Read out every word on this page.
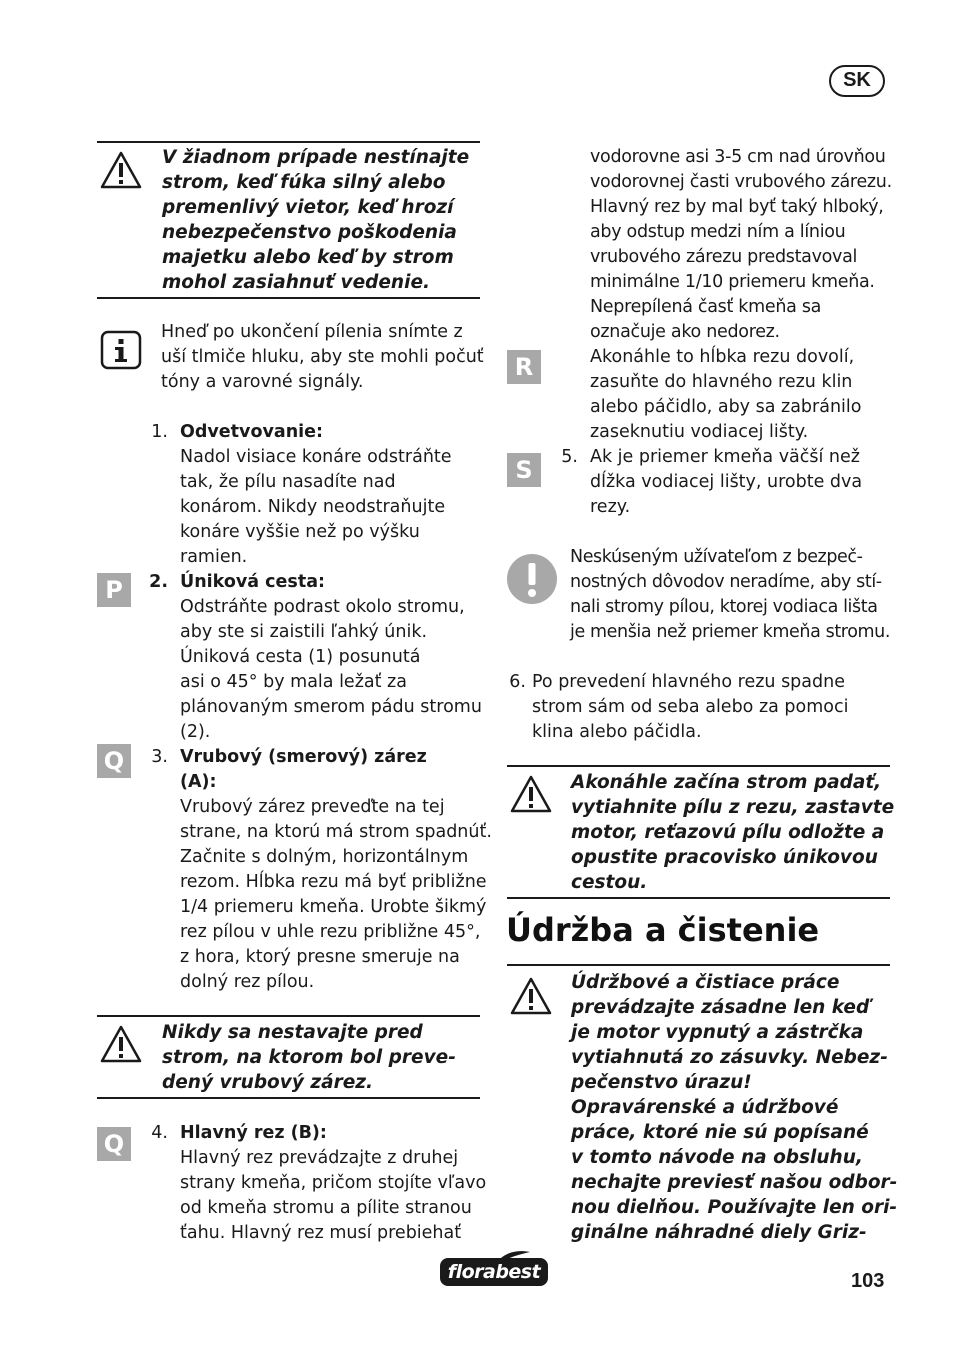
SK
V žiadnom prípade nestínajte
strom, keď fúka silný alebo
premenlivý vietor, keď hrozí
nebezpečenstvo poškodenia
majetku alebo keď by strom
mohol zasiahnuť vedenie.
Hneď po ukončení pílenia snímte z
uší tlmiče hluku, aby ste mohli počuť
tóny a varovné signály.
1. Odvetvovanie:
Nadol visiace konáre odstráňte
tak, že pílu nasadíte nad
konárom. Nikdy neodstraňujte
konáre vyššie než po výšku
ramien.
P	2. Úniková cesta:
Odstráňte podrast okolo stromu,
aby ste si zaistili ľahký únik.
Úniková cesta (1) posunutá
asi o 45° by mala ležať za
plánovaným smerom pádu stromu
(2).
Q	3. Vrubový (smerový) zárez
(A):
Vrubový zárez preveďte na tej
strane, na ktorú má strom spadnúť.
Začnite s dolným, horizontálnym
rezom. Hĺbka rezu má byť približne
1/4 priemeru kmeňa. Urobte šikmý
rez pílou v uhle rezu približne 45°,
z hora, ktorý presne smeruje na
dolný rez pílou.
Nikdy sa nestavajte pred
strom, na ktorom bol preve-
dený vrubový zárez.
Q	4. Hlavný rez (B):
Hlavný rez prevádzajte z druhej
strany kmeňa, pričom stojíte vľavo
od kmeňa stromu a pílite stranou
ťahu. Hlavný rez musí prebiehať
vodorovne asi 3-5 cm nad úrovňou
vodorovnej časti vrubového zárezu.
Hlavný rez by mal byť taký hlboký,
aby odstup medzi ním a líniou
vrubového zárezu predstavoval
minimálne 1/10 priemeru kmeňa.
Neprepílená časť kmeňa sa
označuje ako nedorez.
R	Akonáhle to hĺbka rezu dovolí,
zasuňte do hlavného rezu klin
alebo páčidlo, aby sa zabránilo
zaseknutiu vodiacej lišty.
S	5. Ak je priemer kmeňa väčší než
dĺžka vodiacej lišty, urobte dva
rezy.
Neskúseným užívateľom z bezpeč-
nostných dôvodov neradíme, aby stí-
nali stromy pílou, ktorej vodiaca lišta
je menšia než priemer kmeňa stromu.
6. Po prevedení hlavného rezu spadne
strom sám od seba alebo za pomoci
klina alebo páčidla.
Akonáhle začína strom padať,
vytiahnite pílu z rezu, zastavte
motor, reťazovú pílu odložte a
opustite pracovisko únikovou
cestou.
Údržba a čistenie
Údržbové a čistiace práce
prevádzajte zásadne len keď
je motor vypnutý a zástrčka
vytiahnutá zo zásuvky. Nebez-
pečenstvo úrazu!
Opravárenské a údržbové
práce, ktoré nie sú popísané
v tomto návode na obsluhu,
nechajte previesť našou odbor-
nou dielňou. Používajte len ori-
ginálne náhradné diely Griz-
florabest	103
